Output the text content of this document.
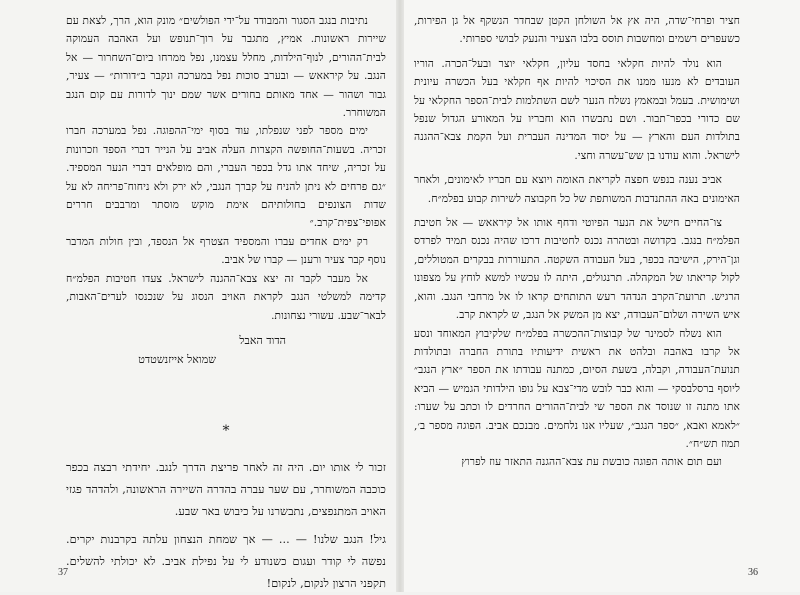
נתיבות בנגב הסגור והמבודד על־ידי הפולשים״ מונק הוא, הרך, לצאת עם שיירות ראשונות. אמיץ, מתגבר על רוך־תנופש ועל האהבה העמוקה לבית־ההורים, לנוף־הילדות, מחלל עצמנו, נפל ממרחו ביום־השחרור — אל הנגב. על קיראאש — ובערב סוכות נפל במערכה ונקבר ב״דורות״ — צעיר, גבור ושהור — אחד מאותם בחורים אשר שמם ינוך לדורות עם קום הנגב המשוחרר.

ימים מספר לפני שנפלתו, עוד בסוף ימי־ההפוגה. נפל במערכה חברו זכריה. בשעות־החופשה הקצרות העלה אביב על הנייר דברי הספד וזכרונות על זכריה, שיחד אתו גדל בכפר העברי, והם מופלאים דברי הנער המספיד. ״גם פרחים לא ניתן להניח על קברך הנגבי, לא ירק ולא ניחוח־פריחה לא על שדות הצונפים בחולותיהם אימת מוקש מוסתר ומרבבים חררים אפופי־צפית־קרב.״

רק ימים אחדים עברו והמספיד הצטרף אל הנספד, ובין חולות המדבר נוסף קבר צעיר ורענן — קברו של אביב.

אל מעבר לקבר זה יצא צבא־ההגנה לישראל. צעדו חטיבות הפלמ״ח קדימה למשלטי הנגב לקראת האויב הנסוג על שנכנסו לערים־האבות, לבאר־שבע. עשורי נצחונות.

הדוד האבל
שמואל אייזנשטדט
*

זכור לי אותו יום. היה זה לאחר פריצת הדרך לנגב. יחידתי רבצה בכפר כוכבה המשוחרר, עם שער עברה בהדרה השיירה הראשונה, ולהדהד פגזי האויב המתנפצים, נתבשרנו על כיבוש באר שבע.

גיל! הנגב שלנו! — ... — אך שמחת הנצחון עלתה בקרבנות יקרים. נפשה לי קודר ועגום כשנודע לי על נפילת אביב. לא יכולתי להשלים. תקפני הרצון לנקום, לנקום!

37

חציר ופרחי־שדה, היה אץ אל השולחן הקטן שבחדר הנשקף אל גן הפירות, כשעפרים רשמים ומחשבות תוסס בלבו הצעיר והנעק לבושי ספרותי.

הוא נולד להיות חקלאי בחסד עליון, חקלאי יוצר ובעל־הכרה. הוריו העובדים לא מנעו ממנו את הסיכוי להיות אף חקלאי בעל הכשרה עיונית ושימושית. בעמל ובמאמץ נשלח הנער לשם השתלמות לבית־הספר החקלאי על שם כדורי בכפר־תבור. ושם נתבשרו הוא וחבריו על המאורע הגדול שנפל בתולדות העם והארץ — על יסוד המדינה העברית ועל הקמת צבא־ההגנה לישראל. והוא עודנו בן שש־עשרה וחצי.

אביב נענה בנפש חפצה לקריאת האומה ויוצא עם חבריו לאימונים, ולאחר האימונים באה ההתנדבות המשותפת של כל חקבוצה לשירות קבוע בפלמ״ח.

צו־החיים חישל את הנער הפיוטי ודחף אותו אל קיראאש — אל חטיבת הפלמ״ח בנגב. בקדושה ובטהרה נכנס לחטיבות דרכו שהיה נכנס תמיד לפרדס וגן־הירק, הישיבה בכפר, בעל העבודה השקטה. התעוררות בבקרים המטוללים, לקול קריאתו של המקהלה. תרנגולים, היתה לו עכשיו למשא לוחץ על מצפונו הרגיש. תרועת־הקרב הנדהד רעש התותחים קראו לו אל מרחבי הנגב. והוא, איש השירה ושלום־העבודה, יצא מן המשק אל הנגב, ש לקראת קרב.

הוא נשלח לסמינר של קבוצות־ההכשרה בפלמ״ח שלקיבוץ המאוחד ונסע אל קרבו באהבה ובלהט את ראשית ידיעותיו בתורת החברה ובתולדות תנועת־העבודה, וקבלה, בשעת הסיום, כמתנה עבודתו את הספר ״ארץ הנגב״ ליוסף ברסלבסקי — והוא כבר לובש מדי־צבא על גופו הילדותי הגמיש — הביא אתו מתנה זו שנוסד את הספר שי לבית־ההורים החרדים לו וכתב על שערו: ״לאמא ואבא, ״ספר הנגב״, שעליו אנו נלחמים. מבנכם אביב. הפוגה מספר ב׳, תמוז תש״ח״.

ועם תום אותה הפוגה כובשת עת צבא־ההגנה התאזר עוז לפרוץ

36
